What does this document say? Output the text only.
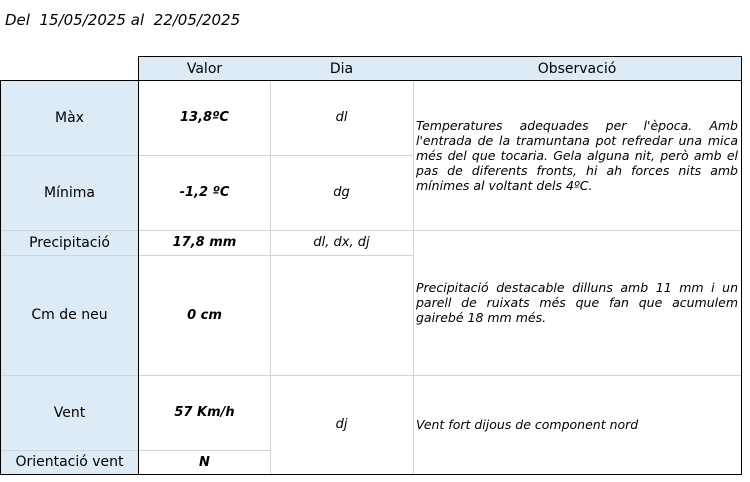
Del 15/05/2025 al 22/05/2025
Valor	Dia	Observació
Màx
Mínima
Precipitació
Cm de neu
Vent
Orientació vent
13,8ºC
-1,2 ºC
17,8 mm
0 cm
57 Km/h
N
dl
dg
dl, dx, dj
dj
Temperatures adequades per l'època. Amb l'entrada de la tramuntana pot refredar una mica més del que tocaria. Gela alguna nit, però amb el pas de diferents fronts, hi ah forces nits amb mínimes al voltant dels 4ºC.
Precipitació destacable dilluns amb 11 mm i un parell de ruixats més que fan que acumulem gairebé 18 mm més.
Vent fort dijous de component nord
